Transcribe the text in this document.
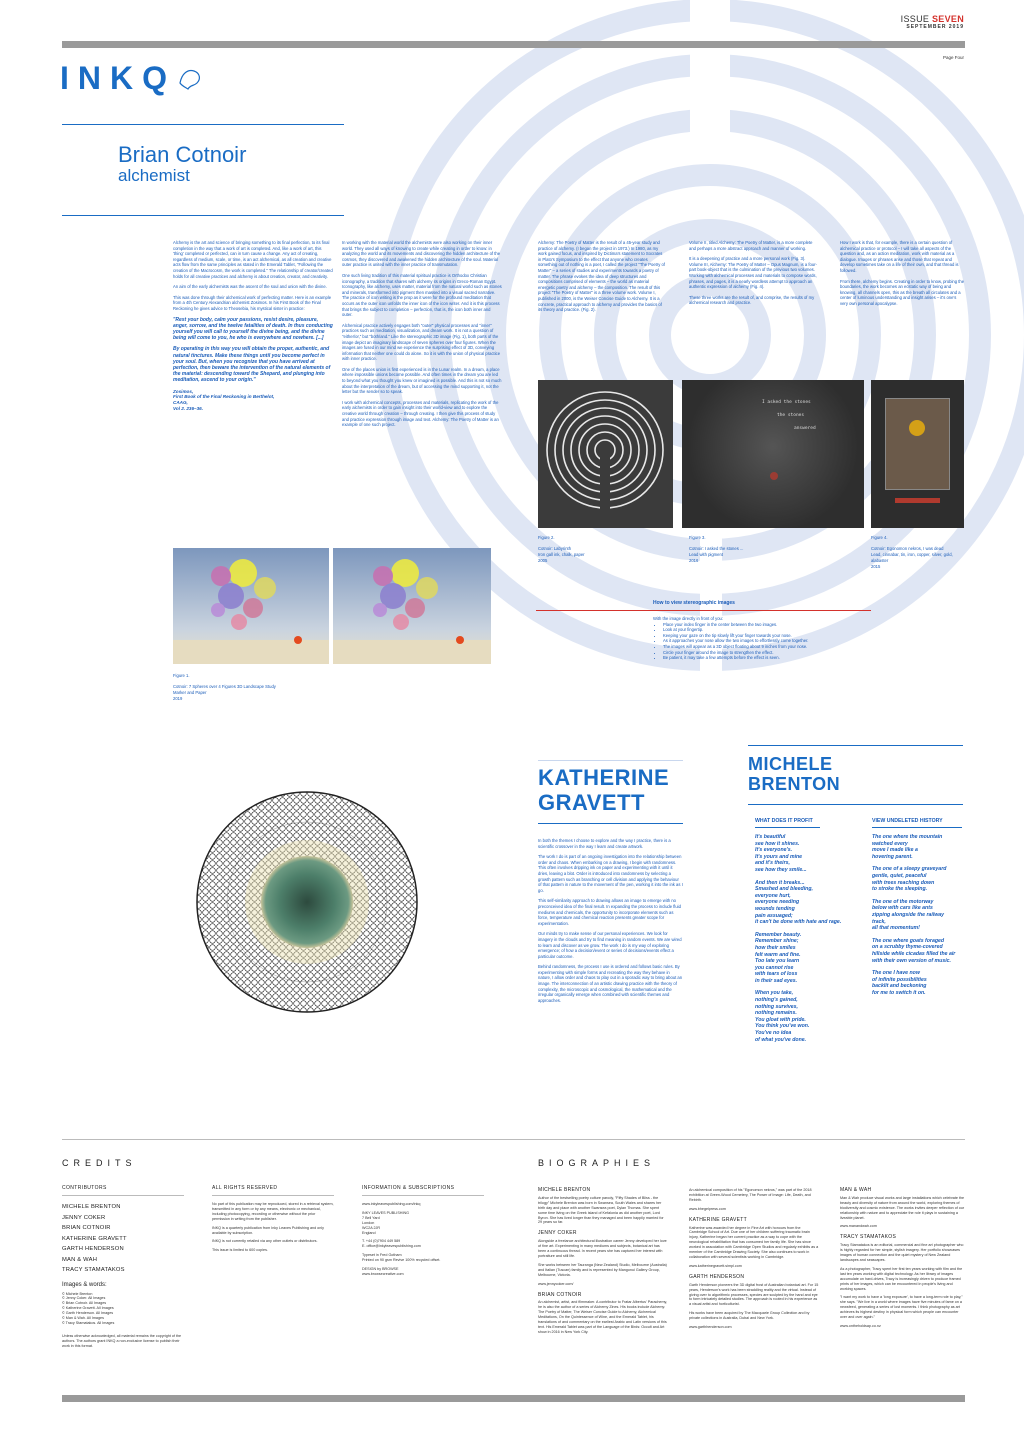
ISSUE SEVEN
SEPTEMBER 2019
Page Four
INKQ
Brian Cotnoir
alchemist

Alchemy is the art and science of bringing something to its final perfection, to its final completion in the way that a work of art is completed. And, like a work of art, this 'thing' completed or perfected, can in turn cause a change. Any act of creating, regardless of medium, scale, or time, is an act alchemical, as all creation and creative acts flow from the same principles as stated in the Emerald Tablet, "Following the creation of the Macrocosm, the work is completed." The relationship of creator/created holds for all creative practices and alchemy is about creation, creator, and creativity.

An aim of the early alchemists was the ascent of the soul and union with the divine.

This was done through their alchemical work of perfecting matter. Here is an example from a 4th Century Alexandrian alchemist Zosimos. In his First Book of the Final Reckoning he gives advice to Theosebia, his mystical sister in practice:

"Rest your body, calm your passions, resist desire, pleasure, anger, sorrow, and the twelve fatalities of death. In thus conducting yourself you will call to yourself the divine being, and the divine being will come to you, he who is everywhere and nowhere. [...]

By operating in this way you will obtain the proper, authentic, and natural tinctures. Make these things until you become perfect in your soul. But, when you recognize that you have arrived at perfection, then beware the intervention of the natural elements of the material: descending toward the Shepard, and plunging into meditation, ascend to your origin."

Zosimos,
First Book of the Final Reckoning in Berthelot,
CAAG,
Vol 2. 236–36.

In working with the material world the alchemists were also working on their inner world. They used all ways of knowing to create while creating in order to know: in analyzing the world and its movements and discovering the hidden architecture of the cosmos, they discovered and awakened the hidden architecture of the soul. Material outer practice is united with the inner practice of transmutation.

One such living tradition of this material spiritual practice is Orthodox Christian iconography, a tradition that shares with alchemy its origins in Greco-Roman Egypt. Iconography, like alchemy, uses matter, material from the natural world such as stones and minerals, transformed into pigment then massed into a visual sacred narrative. The practice of icon writing is the prop as it were for the profound meditation that occurs as the outer icon unfolds the inner icon of the icon writer. And it is this process that brings the subject to completion – perfection, that is, the icon both inner and outer.

Alchemical practice actively engages both "outer" physical processes and "inner" practices such as meditation, visualization, and dream work. It is not a question of "either/or," but "both/and." Like the stereographic 3D image (Fig. 1), both parts of the image depict an imaginary landscape of seven spheres over four figures. When the images are fused in our mind we experience the surprising effect of 3D, conveying information that neither one could do alone. So it is with the union of physical practice with inner practice.

One of the places union is first experienced is in the Lunar realm. In a dream, a place where impossible unions become possible. And often times in the dream you are led to beyond what you thought you knew or imagined is possible. And this is not so much about the interpretation of the dream, but of accessing the mind supporting it, not the letter but the sender so to speak.

I work with alchemical concepts, processes and materials, replicating the work of the early alchemists in order to gain insight into their world-view and to explore the creative world through creation – through creating. I then give this process of study and practice expression through image and text. Alchemy: The Poetry of Matter is an example of one such project.

Alchemy: The Poetry of Matter is the result of a 45-year study and practice of alchemy. (I began the project in 1973.) In 1980, as my work gained focus, and inspired by Dictima's statement to Socrates in Plato's Symposium to the effect that anyone who creates something out of nothing is a poet, I called the project "The Poetry of Matter" – a series of studies and experiments towards a poetry of matter. The phrase evokes the idea of deep structures and compositions comprised of elements – the world as material energetic poetry and alchemy – the composition. The result of this project "The Poetry of Matter" is a three volume work. Volume I, published in 2000, is the Weiser Concise Guide to Alchemy. It is a concrete, practical approach to alchemy and provides the basics of its theory and practice. (Fig. 2).

Volume II, titled Alchemy: The Poetry of Matter, is a more complete and perhaps a more abstract approach and manner of working.

It is a deepening of practice and a more personal work (Fig. 3). Volume III, Alchemy: The Poetry of Matter – Opus Magnum, is a four-part book-object that is the culmination of the previous two volumes. Working with alchemical processes and materials to compose words, phrases, and pages, it is a nearly wordless attempt to approach an authentic expression of alchemy (Fig. 4).

These three works are the result of, and comprise, the results of my alchemical research and practice.

How I work is that, for example, there is a certain question of alchemical practice or protocol – I will take all aspects of the question and, as an action meditation, work with material as a dialogue. Images or phrases arise and those that repeat and develop sometimes take on a life of their own, and that thread is followed.

From there, alchemy begins. Creating in order to know, probing the boundaries, the work becomes an ecstatic way of being and knowing, all channels open, this as the breath all circulates and a center of luminous understanding and insight arises – it's one's very own personal apocalypse.

Figure 2.
Cotnoir: Labyrinth
Iron gall ink, chalk, paper
2005
I asked the stones
the stones
answered
Figure 3.
Cotnoir: I asked the stones ...
Lead with pigment
2016
Figure 4.
Cotnoir: Egonomon nekros, I was dead
Lead, cinnabar, tin, iron, copper, silver, gold, alabaster
2015
Figure 1.
Cotnoir: 7 Spheres over 4 Figures 3D Landscape Study
Marker and Paper
2019
How to view stereographic images
With the image directly in front of you:
• Place your index finger in the center between the two images.
• Look at your fingertip.
• Keeping your gaze on the tip slowly lift your finger towards your nose.
• As it approaches your nose allow the two images to effortlessly come together.
• The images will appear as a 3D object floating about 9 inches from your nose.
• Circle your finger around the image to strengthen the effect.
• Be patient, it may take a few attempts before the effect is seen.
KATHERINE
GRAVETT

In both the themes I choose to explore and the way I practice, there is a scientific crossover in the way I learn and create artwork.

The work I do is part of an ongoing investigation into the relationship between order and chaos. When embarking on a drawing, I begin with randomness. This often involves dripping ink on paper and experimenting with it until it dries, leaving a blot. Order is introduced into randomness by selecting a growth pattern such as branching or cell division and applying the behaviour of that pattern in nature to the movement of the pen, working it into the ink as I go.

This self-similarity approach to drawing allows an image to emerge with no preconceived idea of the final result. In expanding the process to include fluid mediums and chemicals, the opportunity to incorporate elements such as force, temperature and chemical reaction presents greater scope for experimentation.

Our minds try to make sense of our personal experiences. We look for imagery in the clouds and try to find meaning in random events. We are wired to learn and discover as we grow. The work I do is my way of exploring emergence; of how a decision/event or series of decisions/events effect a particular outcome.

Behind randomness, the process I use is ordered and follows basic rules. By experimenting with simple forms and recreating the way they behave in nature, I allow order and chaos to play out in a sporadic way to bring about an image. The interconnection of an artistic drawing practice with the theory of complexity, the microscopic and cosmological, the mathematical and the irregular organically emerge when combined with scientific themes and approaches.

MICHELE
BRENTON
WHAT DOES IT PROFIT
It's beautiful
see how it shines.
It's everyone's.
It's yours and mine
and it's theirs,
see how they smile...
And then it breaks...
Smashed and bleeding,
everyone hurt,
everyone needing
wounds tending
pain assuaged;
it can't be done with hate and rage.
Remember beauty.
Remember shine;
how their smiles
felt warm and fine.
Too late you learn
you cannot rise
with tears of loss
in their sad eyes.
When you take,
nothing's gained,
nothing survives,
nothing remains.
You gloat with pride.
You think you've won.
You've no idea
of what you've done.
VIEW UNDELETED HISTORY
The one where the mountain
watched every
move I made like a
hovering parent.
The one of a sleepy graveyard
gentle, quiet, peaceful
with trees reaching down
to stroke the sleeping.
The one of the motorway
below with cars like ants
zipping alongside the railway
track,
all that momentum!
The one where goats foraged
on a scrubby thyme-covered
hillside while cicadas filled the air
with their own version of music.
The one I have now
of infinite possibilities
backlit and beckoning
for me to switch it on.
CREDITS
CONTRIBUTORS
MICHELE BRENTON
JENNY COKER
BRIAN COTNOIR
KATHERINE GRAVETT
GARTH HENDERSON
MAN & WAH
TRACY STAMATAKOS
Images & words:
© Michele Brenton
© Jenny Coker. All Images
© Brian Cotnoir. All Images
© Katherine Gravett. All Images
© Garth Henderson. All Images
© Man & Wah. All Images
© Tracy Stamatakos. All Images
Unless otherwise acknowledged, all material remains the copyright of the authors. The authors grant INKQ a non-exclusive license to publish their work in this format.
ALL RIGHTS RESERVED

No part of this publication may be reproduced, stored in a retrieval system, transmitted in any form or by any means, electronic or mechanical, including photocopying, recording or otherwise without the prior permission in writing from the publisher.

INKQ is a quarterly publication from Inky Leaves Publishing and only available by subscription.

INKQ is not currently retailed via any other outlets or distributors.

This issue is limited to 600 copies.

INFORMATION & SUBSCRIPTIONS

www.inkyleavespublishing.com/inkq

INKY LEAVES PUBLISHING
7 Bell Yard
London
WC2A 2JR

England

T. +44 (0)7904 449 589

E. office@inkyleavespublishing.com

Typeset in Fred Gotham

Printed on 90 gsm Revive 100% recycled offset.

DESIGN by BROWSE
www.browsecreative.com
BIOGRAPHIES
MICHELE BRENTON

Author of the bestselling poetry culture parody, "Fifty Shades of Bliss - the trilogy" Michele Brenton was born in Swansea, South Wales and shares her birth day and place with another Swansea poet, Dylan Thomas. She spent some time living on the Greek island of Kefalonia as did another poet, Lord Byron. She has lived longer than they managed and been happily married for 29 years so far.

JENNY COKER

Alongside a freelance architectural illustration career Jenny developed her love of fine art. Experimenting in many mediums and subjects, botanical art has been a continuous thread. In recent years she has captured her interest with portraiture and still life.

She works between her Tauranga (New Zealand) Studio, Melbourne (Australia) and Italian (Tuscan) family and is represented by Mangonui Gallery Group, Melbourne, Victoria.

www.jennycoker.com/

BRIAN COTNOIR

An alchemist, artist, and filmmaker. A contributor to Fratar Albertus' Parachemy, he is also the author of a series of Alchemy Zines. His books include Alchemy: The Poetry of Matter, The Weiser Concise Guide to Alchemy, Alchemical Meditations, On the Quintessence of Wine, and the Emerald Tablet, his translations of and commentary on the earliest Arabic and Latin versions of this text. His Emerald Tablet was part of the Language of the Birds: Occult and Art show in 2016 in New York City.

An alchemical composition of his "Egonomon nekros," was part of the 2018 exhibition at Green-Wood Cemetery, The Power of Image: Life, Death, and Rebirth.

www.bhegelpress.com

KATHERINE GRAVETT

Katherine was awarded her degree in Fine Art with honours from the Cambridge School of Art. Due one of her children suffering traumatic brain injury, Katherine began her current practice as a way to cope with the neurological rehabilitation that has consumed her family life. She has since worked in association with Cambridge Open Studios and regularly exhibits as a member of the Cambridge Drawing Society. She also continues to work in collaboration with several scientists working in Cambridge.

www.katherinegravett.simpl.com

GARTH HENDERSON

Garth Henderson pioneers the 3D digital frost of Australian botanical art. For 15 years, Henderson's work has been straddling reality and the virtual. Instead of giving over to algorithmic processes, species are sculpted by the hand and eye to form intricately detailed studies. The approach is rooted in his experience as a visual artist and horticulturist.

His works have been acquired by The Macquarie Group Collection and by private collections in Australia, Dubai and New York.

www.garthhenderson.com

MAN & WAH

Man & Wah produce visual works and large installations which celebrate the beauty and diversity of nature from around the world, exploring themes of biodiversity and cosmic existence. The works invites deeper reflection of our relationship with nature and to appreciate the role it plays in sustaining a liveable planet.

www.manandwah.com

TRACY STAMATAKOS

Tracy Stamatakos is an editorial, commercial and fine art photographer who is highly regarded for her simple, stylish imagery. Her portfolio showcases images of human connection and the quiet mystery of New Zealand landscapes and seascapes.

As a photographer, Tracy spent her first ten years working with film and the last ten years working with digital technology. As her library of images accumulate on hard-drives, Tracy is increasingly driven to produce framed prints of her images, which can be encountered in people's living and working spaces.

"I want my work to have a 'long exposure', to have a long-term role to play," she says. "We live in a world where images have five minutes of fame on a newsfeed, generating a series of lost moments. I think photography as art achieves its highest destiny in physical form which people can encounter over and over again."

www.ontheholdsap.co.nz
